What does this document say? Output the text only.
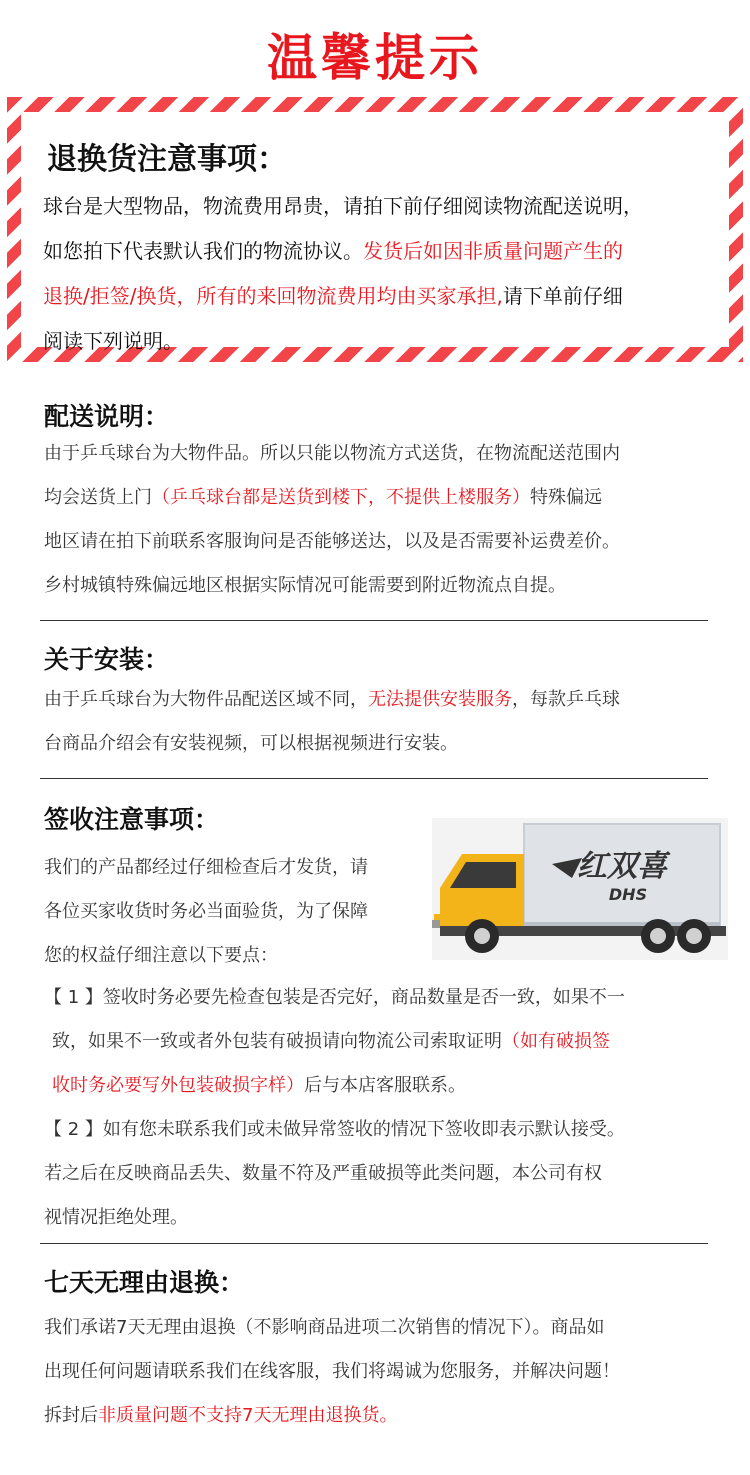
温馨提示
退换货注意事项：
球台是大型物品，物流费用昂贵，请拍下前仔细阅读物流配送说明，
如您拍下代表默认我们的物流协议。发货后如因非质量问题产生的
退换/拒签/换货，所有的来回物流费用均由买家承担,请下单前仔细
阅读下列说明。
配送说明：
由于乒乓球台为大物件品。所以只能以物流方式送货，在物流配送范围内
均会送货上门（乒乓球台都是送货到楼下，不提供上楼服务）特殊偏远
地区请在拍下前联系客服询问是否能够送达，以及是否需要补运费差价。
乡村城镇特殊偏远地区根据实际情况可能需要到附近物流点自提。
关于安装：
由于乒乓球台为大物件品配送区域不同，无法提供安装服务，每款乒乓球
台商品介绍会有安装视频，可以根据视频进行安装。
签收注意事项：
我们的产品都经过仔细检查后才发货，请
各位买家收货时务必当面验货，为了保障
您的权益仔细注意以下要点：
红双喜
DHS
【 1 】签收时务必要先检查包装是否完好，商品数量是否一致，如果不一
致，如果不一致或者外包装有破损请向物流公司索取证明（如有破损签
收时务必要写外包装破损字样）后与本店客服联系。
【 2 】如有您未联系我们或未做异常签收的情况下签收即表示默认接受。
若之后在反映商品丢失、数量不符及严重破损等此类问题，本公司有权
视情况拒绝处理。
七天无理由退换：
我们承诺7天无理由退换（不影响商品进项二次销售的情况下）。商品如
出现任何问题请联系我们在线客服，我们将竭诚为您服务，并解决问题！
拆封后非质量问题不支持7天无理由退换货。
